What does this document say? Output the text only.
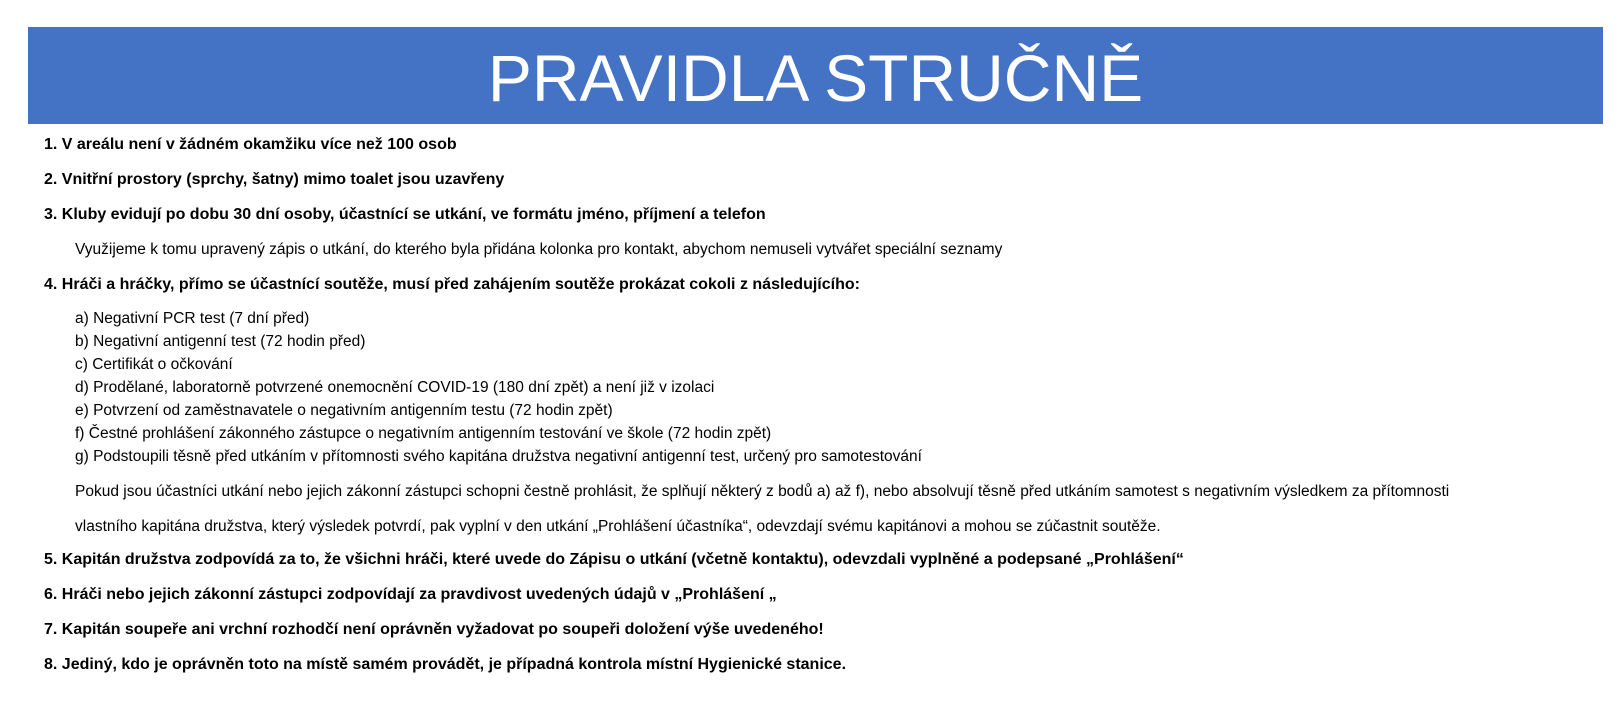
PRAVIDLA STRUČNĚ
1. V areálu není v žádném okamžiku více než 100 osob
2. Vnitřní prostory (sprchy, šatny) mimo toalet jsou uzavřeny
3. Kluby evidují po dobu 30 dní osoby, účastnící se utkání, ve formátu jméno, příjmení a telefon
Využijeme k tomu upravený zápis o utkání, do kterého byla přidána kolonka pro kontakt, abychom nemuseli vytvářet speciální seznamy
4. Hráči a hráčky, přímo se účastnící soutěže, musí před zahájením soutěže prokázat cokoli z následujícího:
a) Negativní PCR test (7 dní před)
b) Negativní antigenní test (72 hodin před)
c) Certifikát o očkování
d) Prodělané, laboratorně potvrzené onemocnění COVID-19 (180 dní zpět) a není již v izolaci
e) Potvrzení od zaměstnavatele o negativním antigenním testu (72 hodin zpět)
f) Čestné prohlášení zákonného zástupce o negativním antigenním testování ve škole (72 hodin zpět)
g) Podstoupili těsně před utkáním v přítomnosti svého kapitána družstva negativní antigenní test, určený pro samotestování
Pokud jsou účastníci utkání nebo jejich zákonní zástupci schopni čestně prohlásit, že splňují některý z bodů a) až f), nebo absolvují těsně před utkáním samotest s negativním výsledkem za přítomnosti
vlastního kapitána družstva, který výsledek potvrdí, pak vyplní v den utkání „Prohlášení účastníka“, odevzdají svému kapitánovi a mohou se zúčastnit soutěže.
5. Kapitán družstva zodpovídá za to, že všichni hráči, které uvede do Zápisu o utkání (včetně kontaktu), odevzdali vyplněné a podepsané „Prohlášení“
6. Hráči nebo jejich zákonní zástupci zodpovídají za pravdivost uvedených údajů v „Prohlášení „
7. Kapitán soupeře ani vrchní rozhodčí není oprávněn vyžadovat po soupeři doložení výše uvedeného!
8. Jediný, kdo je oprávněn toto na místě samém provádět, je případná kontrola místní Hygienické stanice.
